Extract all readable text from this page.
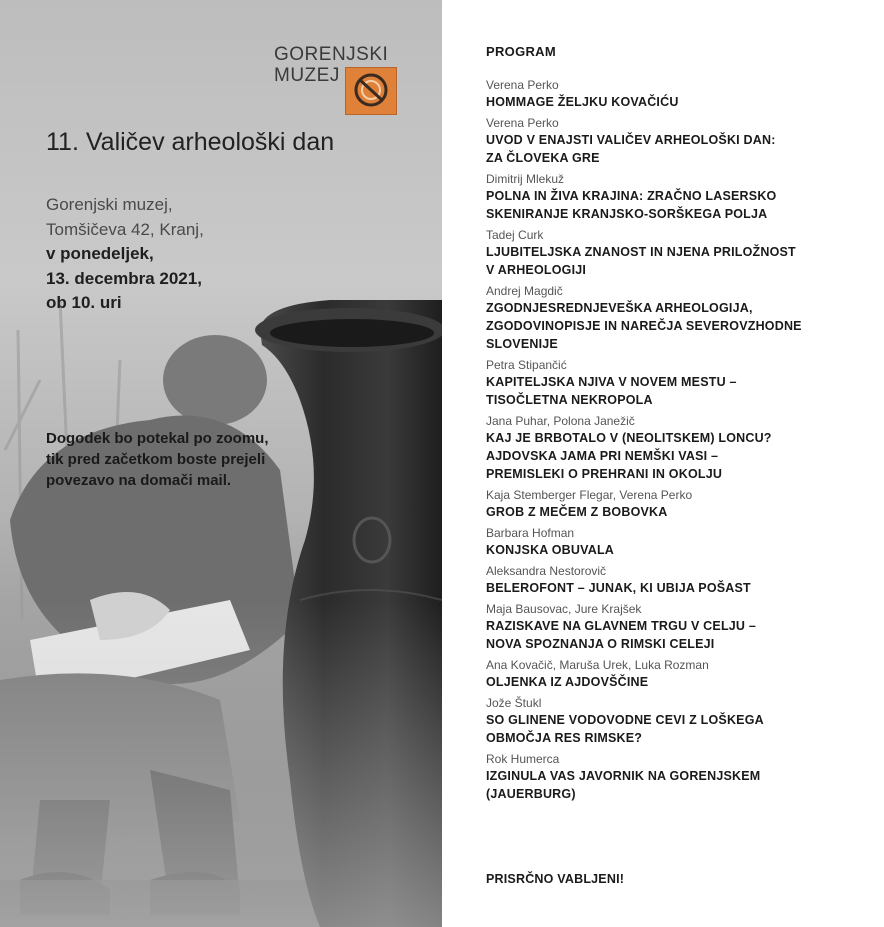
GORENJSKI
MUZEJ
11. Valičev arheološki dan
Gorenjski muzej,
Tomšičeva 42, Kranj,
v ponedeljek,
13. decembra 2021,
ob 10. uri
Dogodek bo potekal po zoomu,
tik pred začetkom boste prejeli
povezavo na domači mail.
PROGRAM
Verena Perko
HOMMAGE ŽELJKU KOVAČIĆU
Verena Perko
UVOD V ENAJSTI VALIČEV ARHEOLOŠKI DAN:
ZA ČLOVEKA GRE
Dimitrij Mlekuž
POLNA IN ŽIVA KRAJINA: ZRAČNO LASERSKO
SKENIRANJE KRANJSKO-SORŠKEGA POLJA
Tadej Curk
LJUBITELJSKA ZNANOST IN NJENA PRILOŽNOST
V ARHEOLOGIJI
Andrej Magdič
ZGODNJESREDNJEVEŠKA ARHEOLOGIJA,
ZGODOVINOPISJE IN NAREČJA SEVEROVZHODNE
SLOVENIJE
Petra Stipančić
KAPITELJSKA NJIVA V NOVEM MESTU –
TISOČLETNA NEKROPOLA
Jana Puhar, Polona Janežič
KAJ JE BRBOTALO V (NEOLITSKEM) LONCU?
AJDOVSKA JAMA PRI NEMŠKI VASI –
PREMISLEKI O PREHRANI IN OKOLJU
Kaja Stemberger Flegar, Verena Perko
GROB Z MEČEM Z BOBOVKA
Barbara Hofman
KONJSKA OBUVALA
Aleksandra Nestorovič
BELEROFONT – JUNAK, KI UBIJA POŠAST
Maja Bausovac, Jure Krajšek
RAZISKAVE NA GLAVNEM TRGU V CELJU –
NOVA SPOZNANJA O RIMSKI CELEJI
Ana Kovačič, Maruša Urek, Luka Rozman
OLJENKA IZ AJDOVŠČINE
Jože Štukl
SO GLINENE VODOVODNE CEVI Z LOŠKEGA
OBMOČJA RES RIMSKE?
Rok Humerca
IZGINULA VAS JAVORNIK NA GORENJSKEM
(JAUERBURG)

PRISRČNO VABLJENI!
